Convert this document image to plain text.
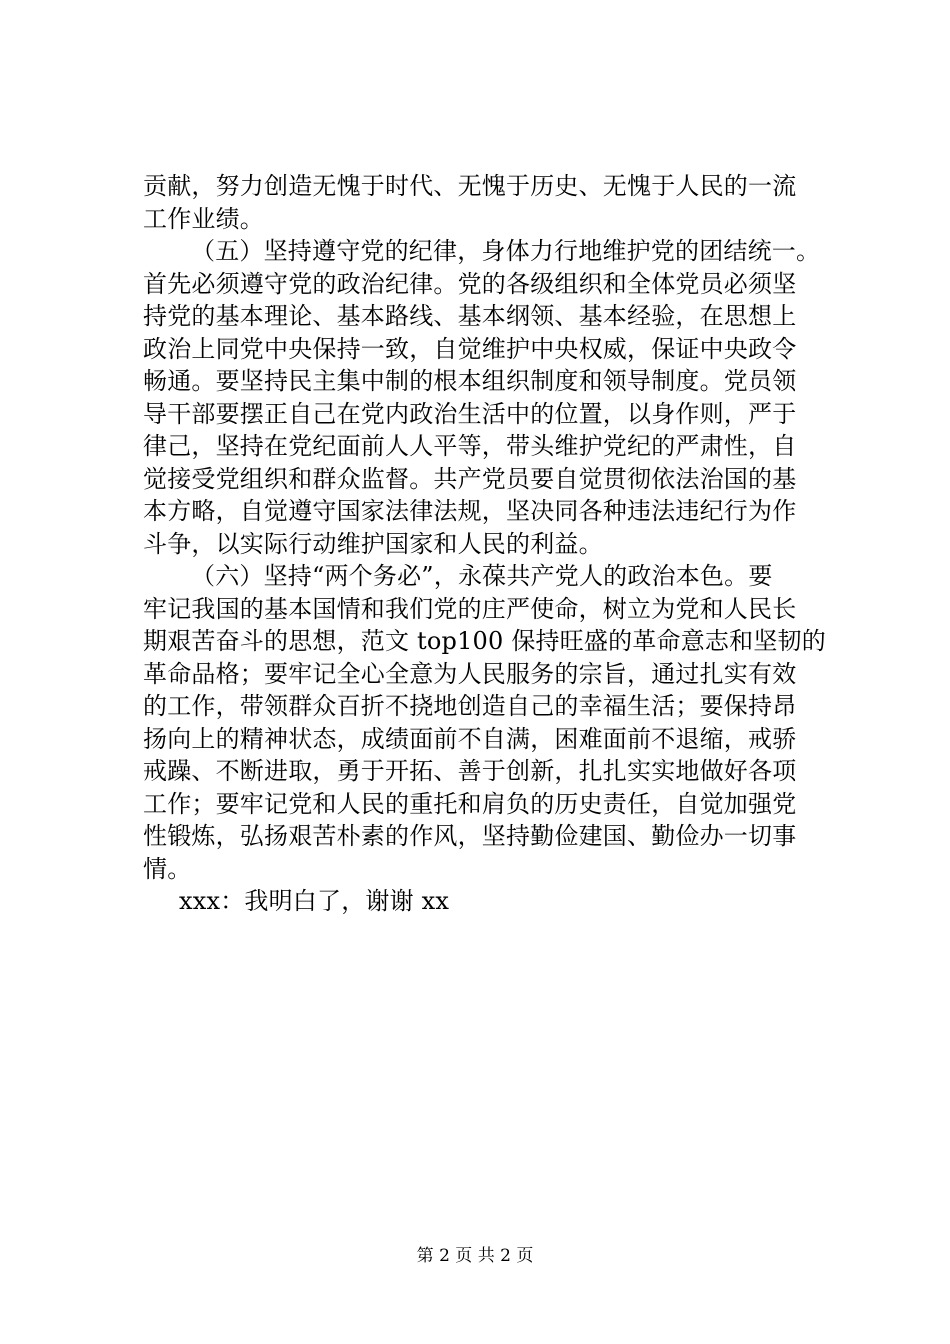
贡献，努力创造无愧于时代、无愧于历史、无愧于人民的一流
工作业绩。
（五）坚持遵守党的纪律，身体力行地维护党的团结统一。
首先必须遵守党的政治纪律。党的各级组织和全体党员必须坚
持党的基本理论、基本路线、基本纲领、基本经验，在思想上
政治上同党中央保持一致，自觉维护中央权威，保证中央政令
畅通。要坚持民主集中制的根本组织制度和领导制度。党员领
导干部要摆正自己在党内政治生活中的位置，以身作则，严于
律己，坚持在党纪面前人人平等，带头维护党纪的严肃性，自
觉接受党组织和群众监督。共产党员要自觉贯彻依法治国的基
本方略，自觉遵守国家法律法规，坚决同各种违法违纪行为作
斗争，以实际行动维护国家和人民的利益。
（六）坚持“两个务必”，永葆共产党人的政治本色。要
牢记我国的基本国情和我们党的庄严使命，树立为党和人民长
期艰苦奋斗的思想，范文 top100 保持旺盛的革命意志和坚韧的
革命品格；要牢记全心全意为人民服务的宗旨，通过扎实有效
的工作，带领群众百折不挠地创造自己的幸福生活；要保持昂
扬向上的精神状态，成绩面前不自满，困难面前不退缩，戒骄
戒躁、不断进取，勇于开拓、善于创新，扎扎实实地做好各项
工作；要牢记党和人民的重托和肩负的历史责任，自觉加强党
性锻炼，弘扬艰苦朴素的作风，坚持勤俭建国、勤俭办一切事
情。
xxx：我明白了，谢谢 xx
第 2 页 共 2 页
